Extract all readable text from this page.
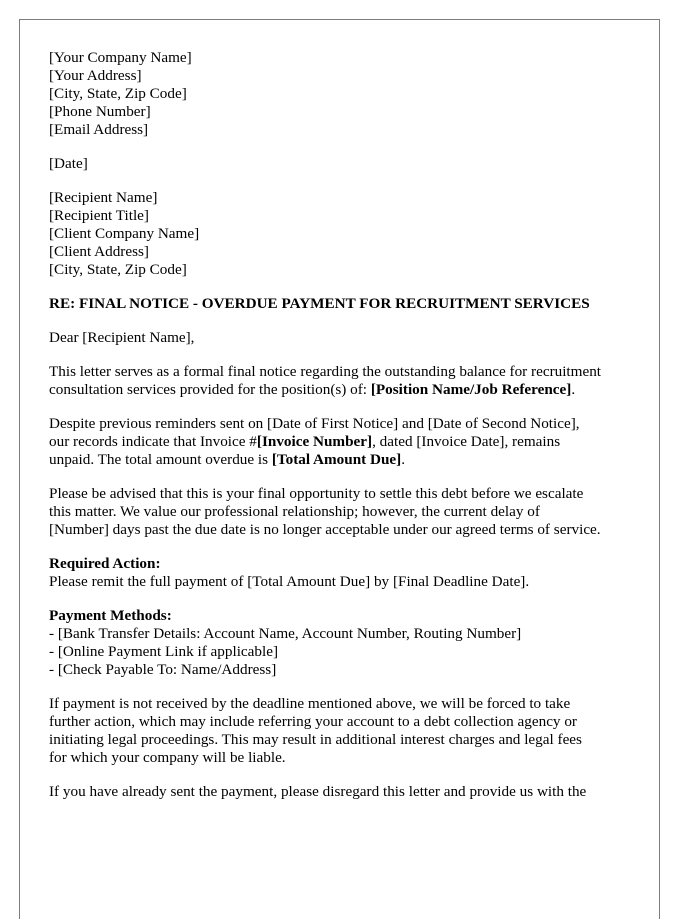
[Your Company Name]
[Your Address]
[City, State, Zip Code]
[Phone Number]
[Email Address]
[Date]
[Recipient Name]
[Recipient Title]
[Client Company Name]
[Client Address]
[City, State, Zip Code]
RE: FINAL NOTICE - OVERDUE PAYMENT FOR RECRUITMENT SERVICES
Dear [Recipient Name],
This letter serves as a formal final notice regarding the outstanding balance for recruitment
consultation services provided for the position(s) of: [Position Name/Job Reference].
Despite previous reminders sent on [Date of First Notice] and [Date of Second Notice],
our records indicate that Invoice #[Invoice Number], dated [Invoice Date], remains
unpaid. The total amount overdue is [Total Amount Due].
Please be advised that this is your final opportunity to settle this debt before we escalate
this matter. We value our professional relationship; however, the current delay of
[Number] days past the due date is no longer acceptable under our agreed terms of service.
Required Action:
Please remit the full payment of [Total Amount Due] by [Final Deadline Date].
Payment Methods:
- [Bank Transfer Details: Account Name, Account Number, Routing Number]
- [Online Payment Link if applicable]
- [Check Payable To: Name/Address]
If payment is not received by the deadline mentioned above, we will be forced to take
further action, which may include referring your account to a debt collection agency or
initiating legal proceedings. This may result in additional interest charges and legal fees
for which your company will be liable.
If you have already sent the payment, please disregard this letter and provide us with the
